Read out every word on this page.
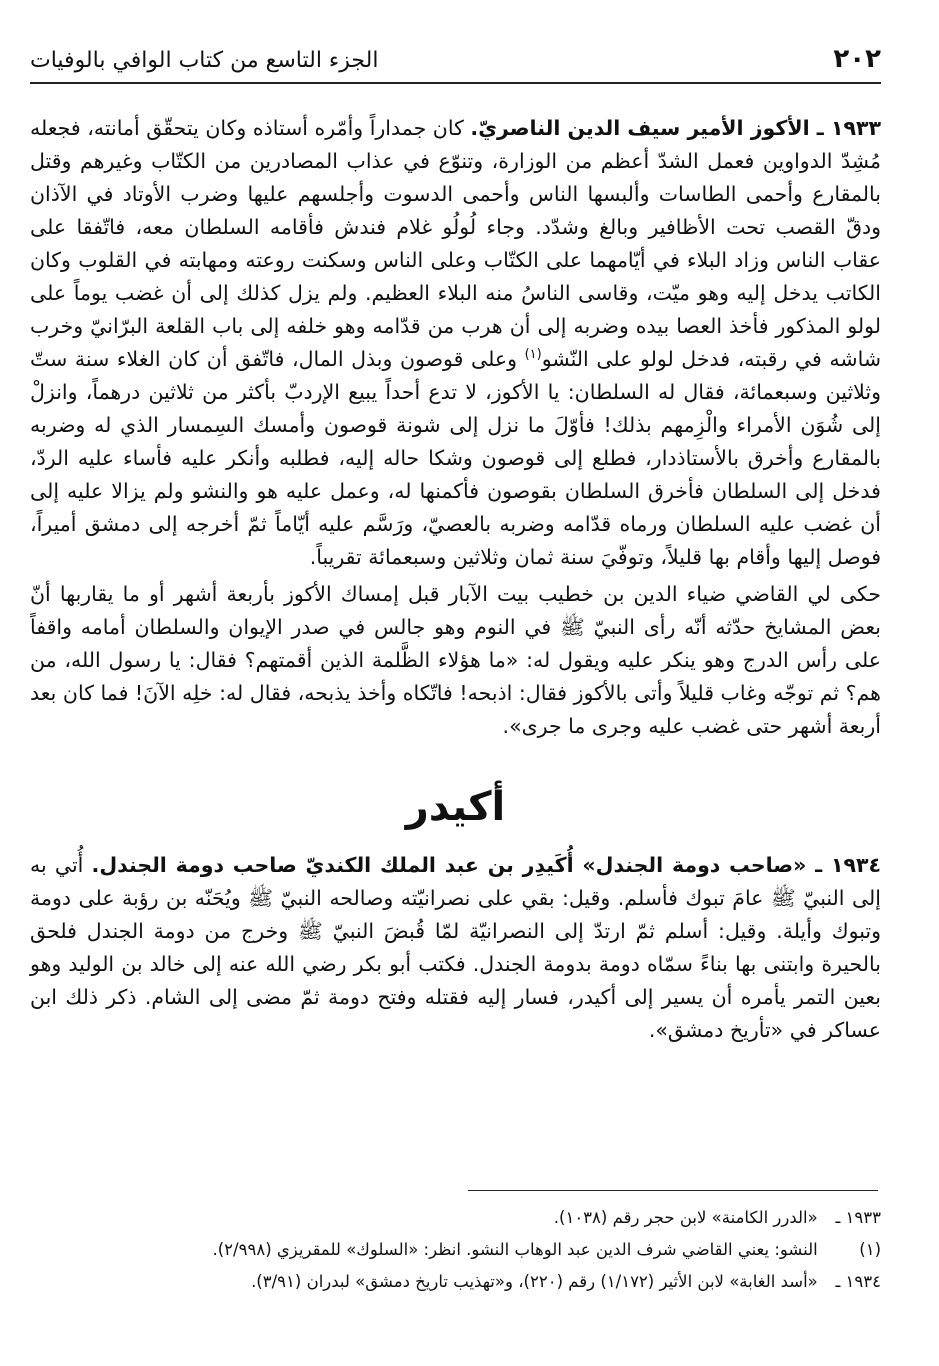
٢٠٢
الجزء التاسع من كتاب الوافي بالوفيات

١٩٣٣ ـ الأكوز الأمير سيف الدين الناصريّ. كان جمداراً وأمّره أستاذه وكان يتحقّق أمانته، فجعله مُشِدّ الدواوين فعمل الشدّ أعظم من الوزارة، وتنوّع في عذاب المصادرين من الكتّاب وغيرهم وقتل بالمقارع وأحمى الطاسات وألبسها الناس وأحمى الدسوت وأجلسهم عليها وضرب الأوتاد في الآذان ودقّ القصب تحت الأظافير وبالغ وشدّد. وجاء لُولُو غلام فندش فأقامه السلطان معه، فاتّفقا على عقاب الناس وزاد البلاء في أيّامهما على الكتّاب وعلى الناس وسكنت روعته ومهابته في القلوب وكان الكاتب يدخل إليه وهو ميّت، وقاسى الناسُ منه البلاء العظيم. ولم يزل كذلك إلى أن غضب يوماً على لولو المذكور فأخذ العصا بيده وضربه إلى أن هرب من قدّامه وهو خلفه إلى باب القلعة البرّانيّ وخرب شاشه في رقبته، فدخل لولو على النّشو$^{(١)}$ وعلى قوصون وبذل المال، فاتّفق أن كان الغلاء سنة ستّ وثلاثين وسبعمائة، فقال له السلطان: يا الأكوز، لا تدع أحداً يبيع الإردبّ بأكثر من ثلاثين درهماً، وانزلْ إلى شُوَن الأمراء والْزِمهم بذلك! فأوّلَ ما نزل إلى شونة قوصون وأمسك السِمسار الذي له وضربه بالمقارع وأخرق بالأستاذدار، فطلع إلى قوصون وشكا حاله إليه، فطلبه وأنكر عليه فأساء عليه الردّ، فدخل إلى السلطان فأخرق السلطان بقوصون فأكمنها له، وعمل عليه هو والنشو ولم يزالا عليه إلى أن غضب عليه السلطان ورماه قدّامه وضربه بالعصيّ، ورَسَّم عليه أيّاماً ثمّ أخرجه إلى دمشق أميراً، فوصل إليها وأقام بها قليلاً، وتوفّيَ سنة ثمان وثلاثين وسبعمائة تقريباً.

حكى لي القاضي ضياء الدين بن خطيب بيت الآبار قبل إمساك الأكوز بأربعة أشهر أو ما يقاربها أنّ بعض المشايخ حدّثه أنّه رأى النبيّ ﷺ في النوم وهو جالس في صدر الإيوان والسلطان أمامه واقفاً على رأس الدرج وهو ينكر عليه ويقول له: «ما هؤلاء الظَّلمة الذين أقمتهم؟ فقال: يا رسول الله، من هم؟ ثم توجّه وغاب قليلاً وأتى بالأكوز فقال: اذبحه! فاتّكاه وأخذ يذبحه، فقال له: خلِه الآنَ! فما كان بعد أربعة أشهر حتى غضب عليه وجرى ما جرى».

أكيدر

١٩٣٤ ـ «صاحب دومة الجندل» أُكَيدِر بن عبد الملك الكنديّ صاحب دومة الجندل. أُتي به إلى النبيّ ﷺ عامَ تبوك فأسلم. وقيل: بقي على نصرانيّته وصالحه النبيّ ﷺ ويُحَنّه بن رؤبة على دومة وتبوك وأيلة. وقيل: أسلم ثمّ ارتدّ إلى النصرانيّة لمّا قُبضَ النبيّ ﷺ وخرج من دومة الجندل فلحق بالحيرة وابتنى بها بناءً سمّاه دومة بدومة الجندل. فكتب أبو بكر رضي الله عنه إلى خالد بن الوليد وهو بعين التمر يأمره أن يسير إلى أكيدر، فسار إليه فقتله وفتح دومة ثمّ مضى إلى الشام. ذكر ذلك ابن عساكر في «تأريخ دمشق».

١٩٣٣ ـ «الدرر الكامنة» لابن حجر رقم (١٠٣٨).

(١) النشو: يعني القاضي شرف الدين عبد الوهاب النشو. انظر: «السلوك» للمقريزي (٢/٩٩٨).

١٩٣٤ ـ «أسد الغابة» لابن الأثير (١/١٧٢) رقم (٢٢٠)، و«تهذيب تاريخ دمشق» لبدران (٣/٩١).
